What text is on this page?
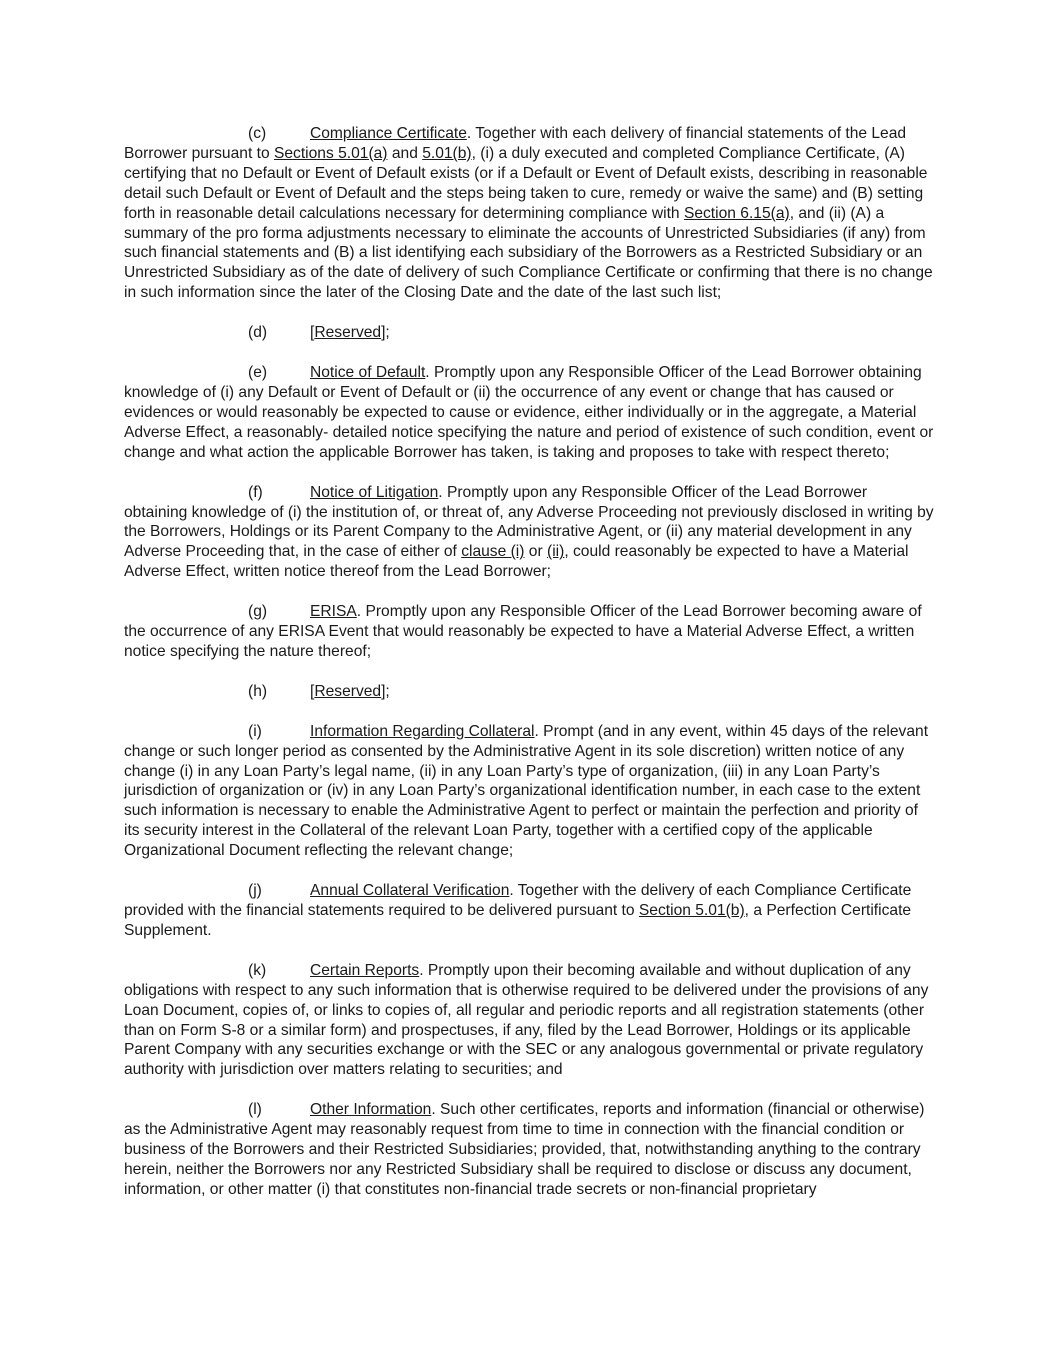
(c)	Compliance Certificate. Together with each delivery of financial statements of the Lead Borrower pursuant to Sections 5.01(a) and 5.01(b), (i) a duly executed and completed Compliance Certificate, (A) certifying that no Default or Event of Default exists (or if a Default or Event of Default exists, describing in reasonable detail such Default or Event of Default and the steps being taken to cure, remedy or waive the same) and (B) setting forth in reasonable detail calculations necessary for determining compliance with Section 6.15(a), and (ii) (A) a summary of the pro forma adjustments necessary to eliminate the accounts of Unrestricted Subsidiaries (if any) from such financial statements and (B) a list identifying each subsidiary of the Borrowers as a Restricted Subsidiary or an Unrestricted Subsidiary as of the date of delivery of such Compliance Certificate or confirming that there is no change in such information since the later of the Closing Date and the date of the last such list;

(d)	[Reserved];

(e)	Notice of Default. Promptly upon any Responsible Officer of the Lead Borrower obtaining knowledge of (i) any Default or Event of Default or (ii) the occurrence of any event or change that has caused or evidences or would reasonably be expected to cause or evidence, either individually or in the aggregate, a Material Adverse Effect, a reasonably- detailed notice specifying the nature and period of existence of such condition, event or change and what action the applicable Borrower has taken, is taking and proposes to take with respect thereto;

(f)	Notice of Litigation. Promptly upon any Responsible Officer of the Lead Borrower obtaining knowledge of (i) the institution of, or threat of, any Adverse Proceeding not previously disclosed in writing by the Borrowers, Holdings or its Parent Company to the Administrative Agent, or (ii) any material development in any Adverse Proceeding that, in the case of either of clause (i) or (ii), could reasonably be expected to have a Material Adverse Effect, written notice thereof from the Lead Borrower;

(g)	ERISA. Promptly upon any Responsible Officer of the Lead Borrower becoming aware of the occurrence of any ERISA Event that would reasonably be expected to have a Material Adverse Effect, a written notice specifying the nature thereof;

(h)	[Reserved];

(i)	Information Regarding Collateral. Prompt (and in any event, within 45 days of the relevant change or such longer period as consented by the Administrative Agent in its sole discretion) written notice of any change (i) in any Loan Party’s legal name, (ii) in any Loan Party’s type of organization, (iii) in any Loan Party’s jurisdiction of organization or (iv) in any Loan Party’s organizational identification number, in each case to the extent such information is necessary to enable the Administrative Agent to perfect or maintain the perfection and priority of its security interest in the Collateral of the relevant Loan Party, together with a certified copy of the applicable Organizational Document reflecting the relevant change;

(j)	Annual Collateral Verification. Together with the delivery of each Compliance Certificate provided with the financial statements required to be delivered pursuant to Section 5.01(b), a Perfection Certificate Supplement.

(k)	Certain Reports. Promptly upon their becoming available and without duplication of any obligations with respect to any such information that is otherwise required to be delivered under the provisions of any Loan Document, copies of, or links to copies of, all regular and periodic reports and all registration statements (other than on Form S-8 or a similar form) and prospectuses, if any, filed by the Lead Borrower, Holdings or its applicable Parent Company with any securities exchange or with the SEC or any analogous governmental or private regulatory authority with jurisdiction over matters relating to securities; and

(l)	Other Information. Such other certificates, reports and information (financial or otherwise) as the Administrative Agent may reasonably request from time to time in connection with the financial condition or business of the Borrowers and their Restricted Subsidiaries; provided, that, notwithstanding anything to the contrary herein, neither the Borrowers nor any Restricted Subsidiary shall be required to disclose or discuss any document, information, or other matter (i) that constitutes non-financial trade secrets or non-financial proprietary
